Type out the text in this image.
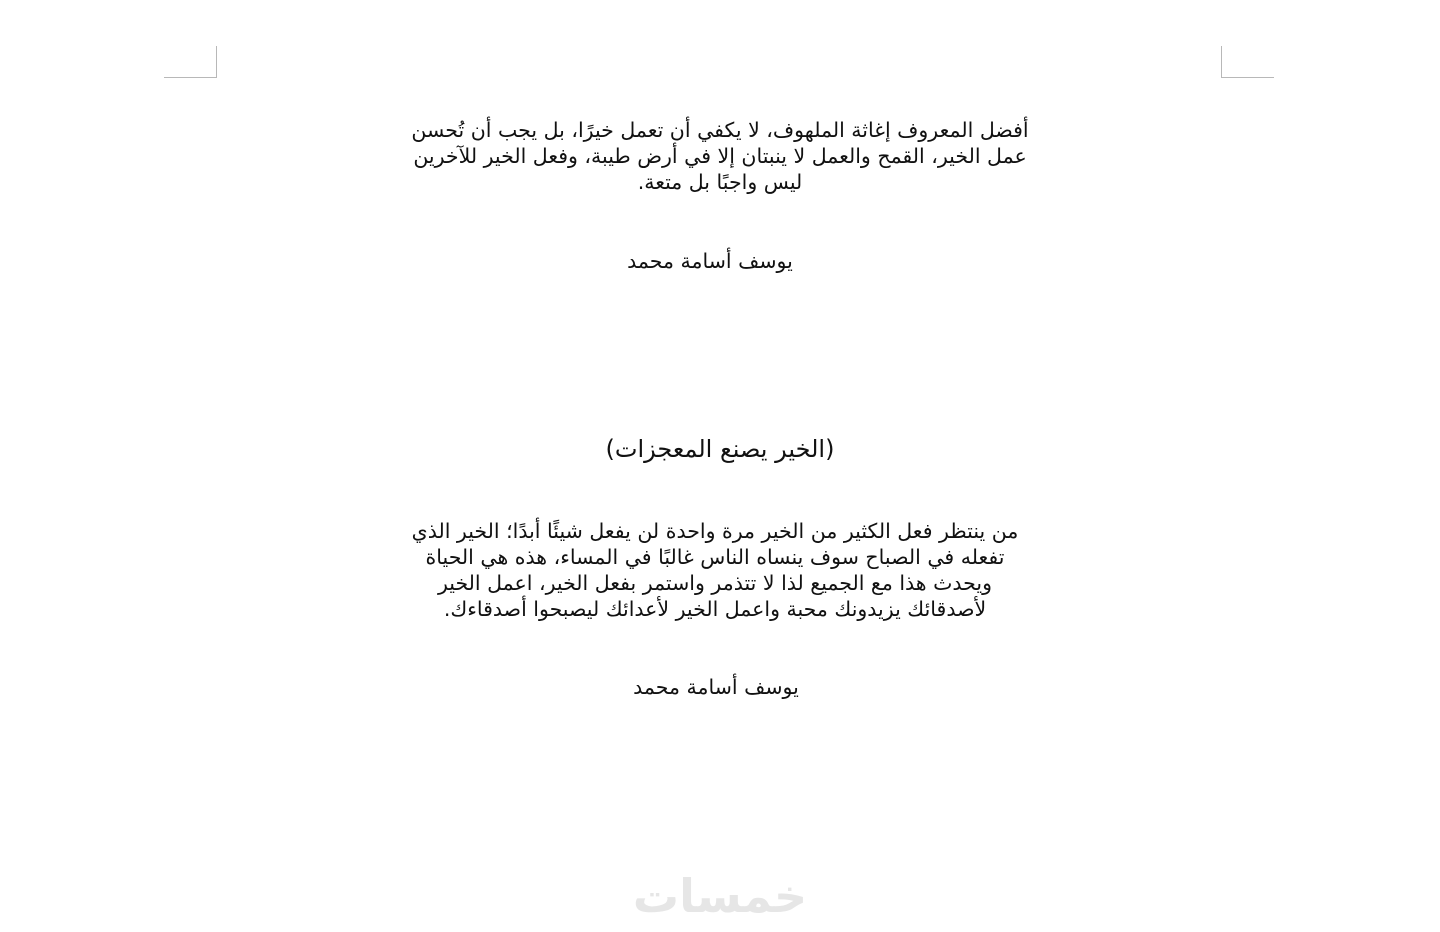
أفضل المعروف إغاثة الملهوف، لا يكفي أن تعمل خيرًا، بل يجب أن تُحسن
عمل الخير، القمح والعمل لا ينبتان إلا في أرض طيبة، وفعل الخير للآخرين
ليس واجبًا بل متعة.

يوسف أسامة محمد
(الخير يصنع المعجزات)

من ينتظر فعل الكثير من الخير مرة واحدة لن يفعل شيئًا أبدًا؛ الخير الذي
تفعله في الصباح سوف ينساه الناس غالبًا في المساء، هذه هي الحياة
ويحدث هذا مع الجميع لذا لا تتذمر واستمر بفعل الخير، اعمل الخير
لأصدقائك يزيدونك محبة واعمل الخير لأعدائك ليصبحوا أصدقاءك.

يوسف أسامة محمد
خمسات
